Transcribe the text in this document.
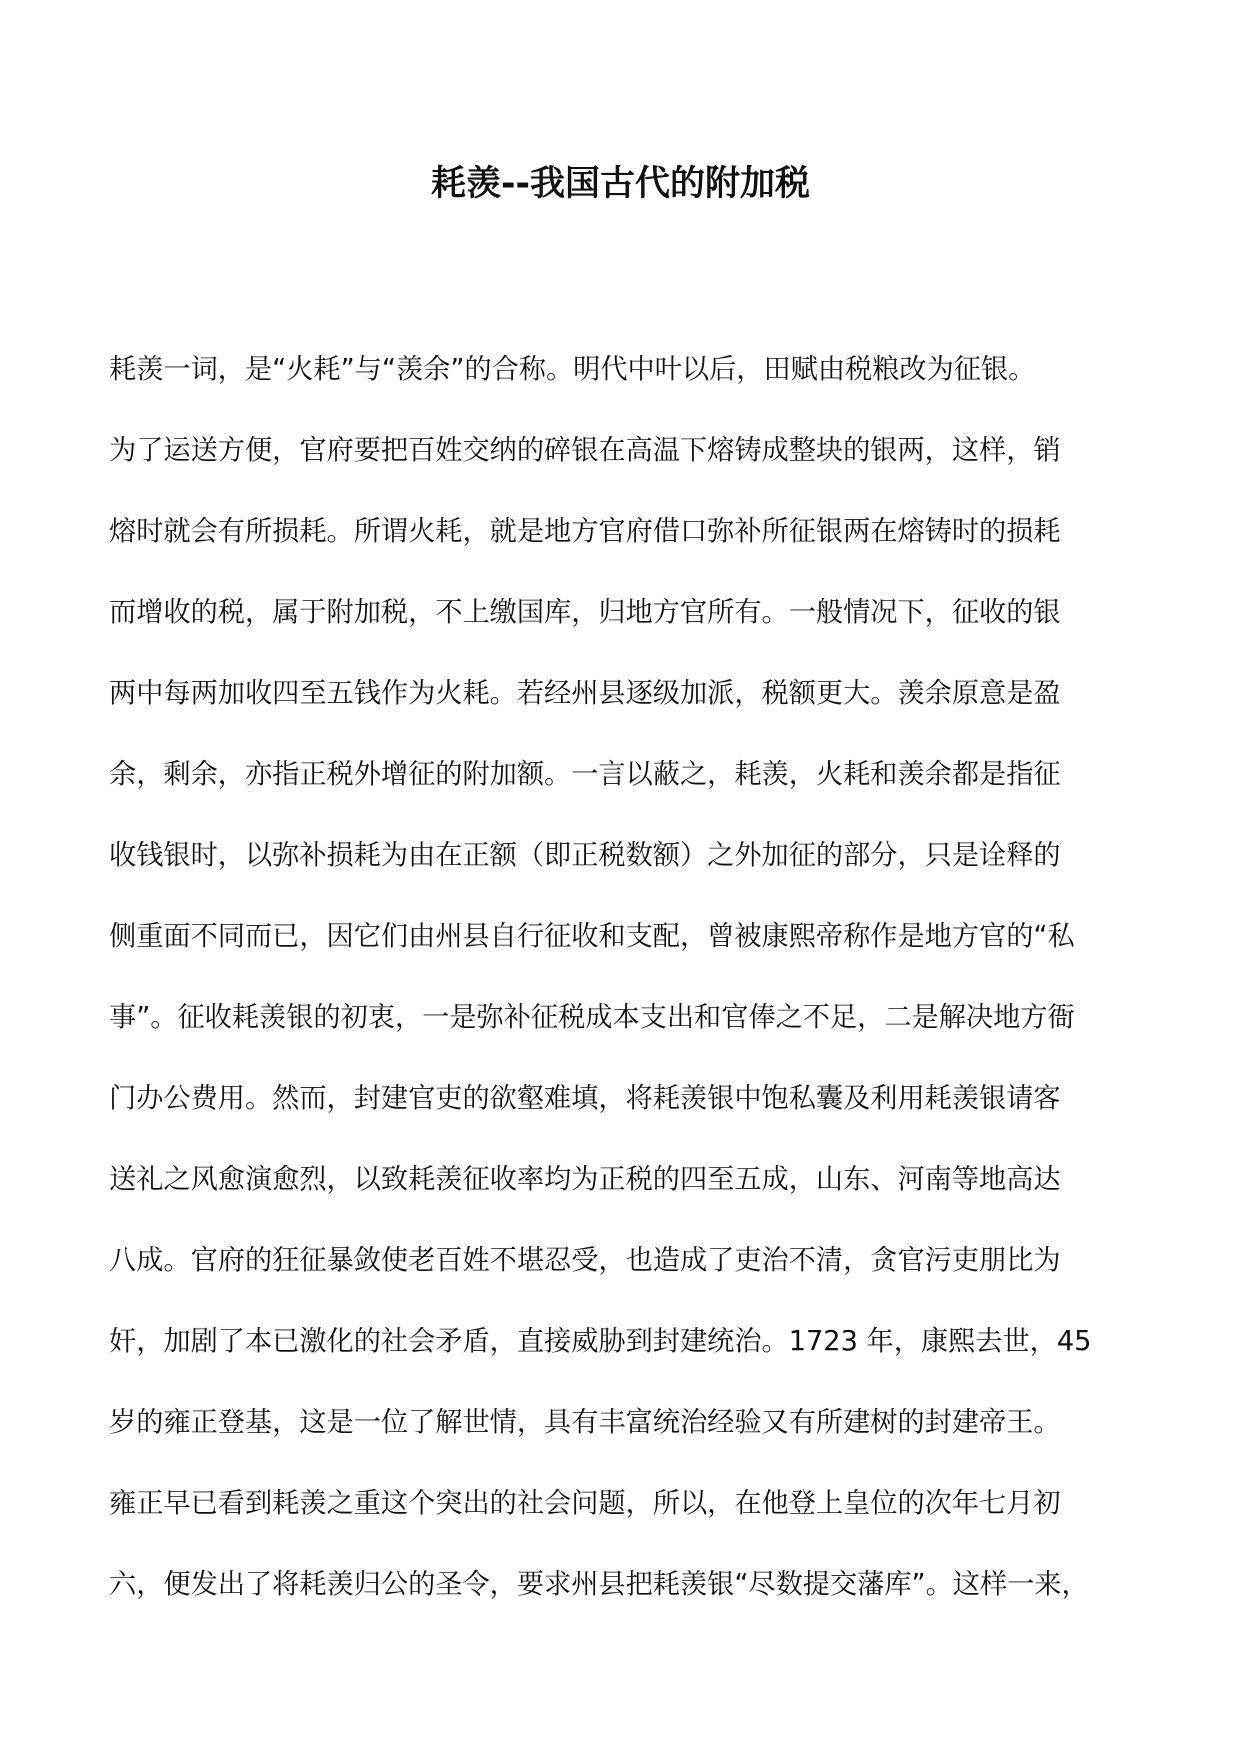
耗羡--我国古代的附加税
耗羡一词，是“火耗”与“羡余”的合称。明代中叶以后，田赋由税粮改为征银。
为了运送方便，官府要把百姓交纳的碎银在高温下熔铸成整块的银两，这样，销
熔时就会有所损耗。所谓火耗，就是地方官府借口弥补所征银两在熔铸时的损耗
而增收的税，属于附加税，不上缴国库，归地方官所有。一般情况下，征收的银
两中每两加收四至五钱作为火耗。若经州县逐级加派，税额更大。羡余原意是盈
余，剩余，亦指正税外增征的附加额。一言以蔽之，耗羡，火耗和羡余都是指征
收钱银时，以弥补损耗为由在正额（即正税数额）之外加征的部分，只是诠释的
侧重面不同而已，因它们由州县自行征收和支配，曾被康熙帝称作是地方官的“私
事”。征收耗羡银的初衷，一是弥补征税成本支出和官俸之不足，二是解决地方衙
门办公费用。然而，封建官吏的欲壑难填，将耗羡银中饱私囊及利用耗羡银请客
送礼之风愈演愈烈，以致耗羡征收率均为正税的四至五成，山东、河南等地高达
八成。官府的狂征暴敛使老百姓不堪忍受，也造成了吏治不清，贪官污吏朋比为
奸，加剧了本已激化的社会矛盾，直接威胁到封建统治。1723 年，康熙去世，45
岁的雍正登基，这是一位了解世情，具有丰富统治经验又有所建树的封建帝王。
雍正早已看到耗羡之重这个突出的社会问题，所以，在他登上皇位的次年七月初
六，便发出了将耗羡归公的圣令，要求州县把耗羡银“尽数提交藩库”。这样一来，
